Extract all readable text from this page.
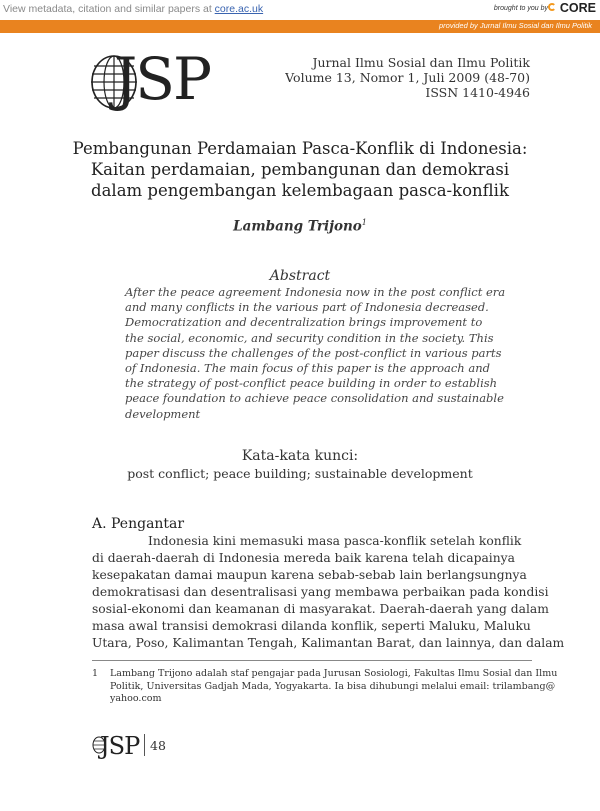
View metadata, citation and similar papers at core.ac.uk	brought to you by CORE
provided by Jurnal Ilmu Sosial dan Ilmu Politik
JSP	Jurnal Ilmu Sosial dan Ilmu Politik
Volume 13, Nomor 1, Juli 2009 (48-70)
ISSN 1410-4946
Pembangunan Perdamaian Pasca-Konflik di Indonesia:
Kaitan perdamaian, pembangunan dan demokrasi
dalam pengembangan kelembagaan pasca-konflik
Lambang Trijono$^1$
Abstract
After the peace agreement Indonesia now in the post conflict era
and many conflicts in the various part of Indonesia decreased.
Democratization and decentralization brings improvement to
the social, economic, and security condition in the society. This
paper discuss the challenges of the post-conflict in various parts
of Indonesia. The main focus of this paper is the approach and
the strategy of post-conflict peace building in order to establish
peace foundation to achieve peace consolidation and sustainable
development
Kata-kata kunci:
post conflict; peace building; sustainable development
A. Pengantar
Indonesia kini memasuki masa pasca-konflik setelah konflik
di daerah-daerah di Indonesia mereda baik karena telah dicapainya
kesepakatan damai maupun karena sebab-sebab lain berlangsungnya
demokratisasi dan desentralisasi yang membawa perbaikan pada kondisi
sosial-ekonomi dan keamanan di masyarakat. Daerah-daerah yang dalam
masa awal transisi demokrasi dilanda konflik, seperti Maluku, Maluku
Utara, Poso, Kalimantan Tengah, Kalimantan Barat, dan lainnya, dan dalam
1 Lambang Trijono adalah staf pengajar pada Jurusan Sosiologi, Fakultas Ilmu Sosial dan Ilmu
Politik, Universitas Gadjah Mada, Yogyakarta. Ia bisa dihubungi melalui email: trilambang@
yahoo.com
JSP 48
